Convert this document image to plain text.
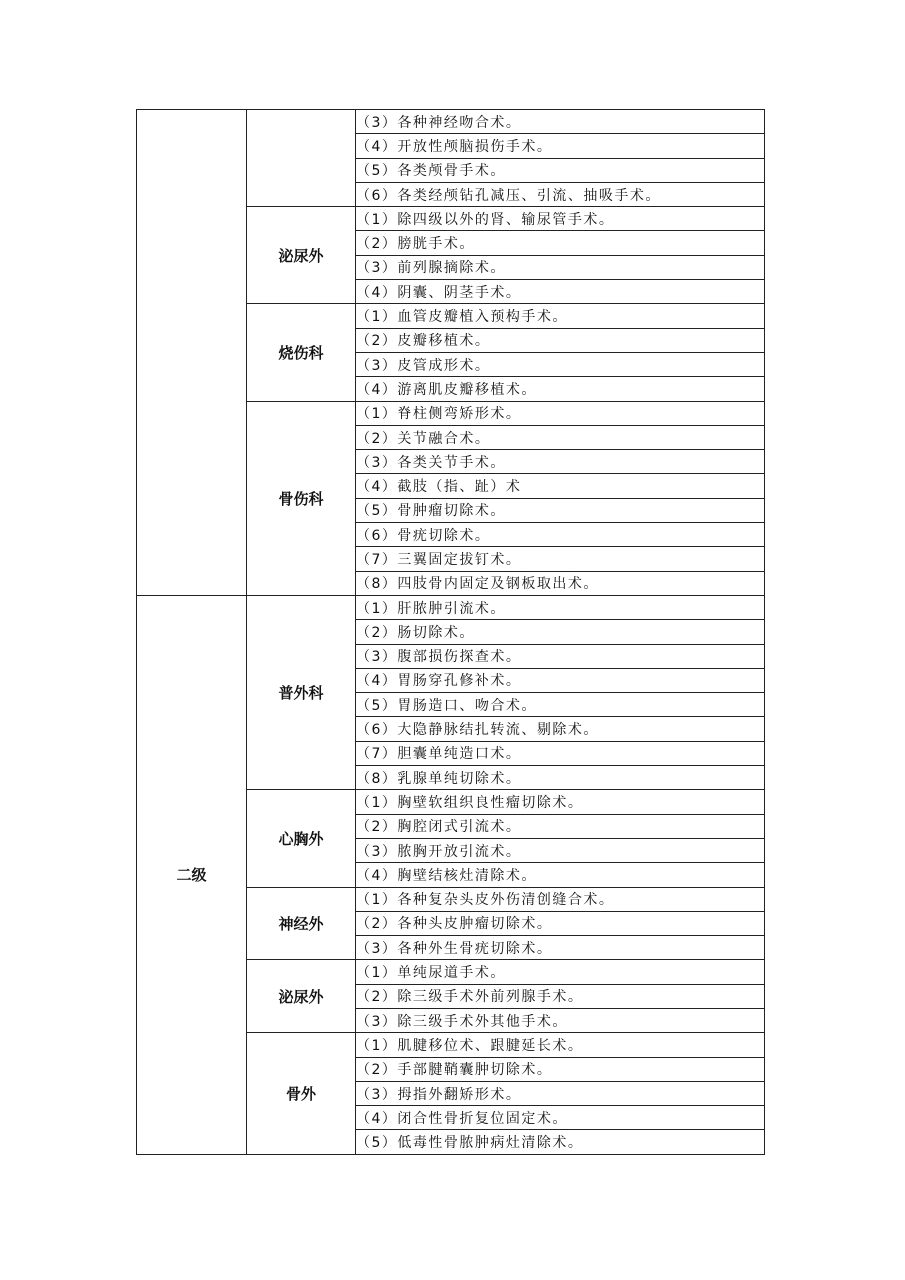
		（3）各种神经吻合术。
		（4）开放性颅脑损伤手术。
		（5）各类颅骨手术。
		（6）各类经颅钻孔减压、引流、抽吸手术。
	泌尿外	（1）除四级以外的肾、输尿管手术。
		（2）膀胱手术。
		（3）前列腺摘除术。
		（4）阴囊、阴茎手术。
	烧伤科	（1）血管皮瓣植入预构手术。
		（2）皮瓣移植术。
		（3）皮管成形术。
		（4）游离肌皮瓣移植术。
	骨伤科	（1）脊柱侧弯矫形术。
		（2）关节融合术。
		（3）各类关节手术。
		（4）截肢（指、趾）术
		（5）骨肿瘤切除术。
		（6）骨疣切除术。
		（7）三翼固定拔钉术。
		（8）四肢骨内固定及钢板取出术。
二级	普外科	（1）肝脓肿引流术。
		（2）肠切除术。
		（3）腹部损伤探查术。
		（4）胃肠穿孔修补术。
		（5）胃肠造口、吻合术。
		（6）大隐静脉结扎转流、剔除术。
		（7）胆囊单纯造口术。
		（8）乳腺单纯切除术。
	心胸外	（1）胸壁软组织良性瘤切除术。
		（2）胸腔闭式引流术。
		（3）脓胸开放引流术。
		（4）胸壁结核灶清除术。
	神经外	（1）各种复杂头皮外伤清创缝合术。
		（2）各种头皮肿瘤切除术。
		（3）各种外生骨疣切除术。
	泌尿外	（1）单纯尿道手术。
		（2）除三级手术外前列腺手术。
		（3）除三级手术外其他手术。
	骨外	（1）肌腱移位术、跟腱延长术。
		（2）手部腱鞘囊肿切除术。
		（3）拇指外翻矫形术。
		（4）闭合性骨折复位固定术。
		（5）低毒性骨脓肿病灶清除术。
